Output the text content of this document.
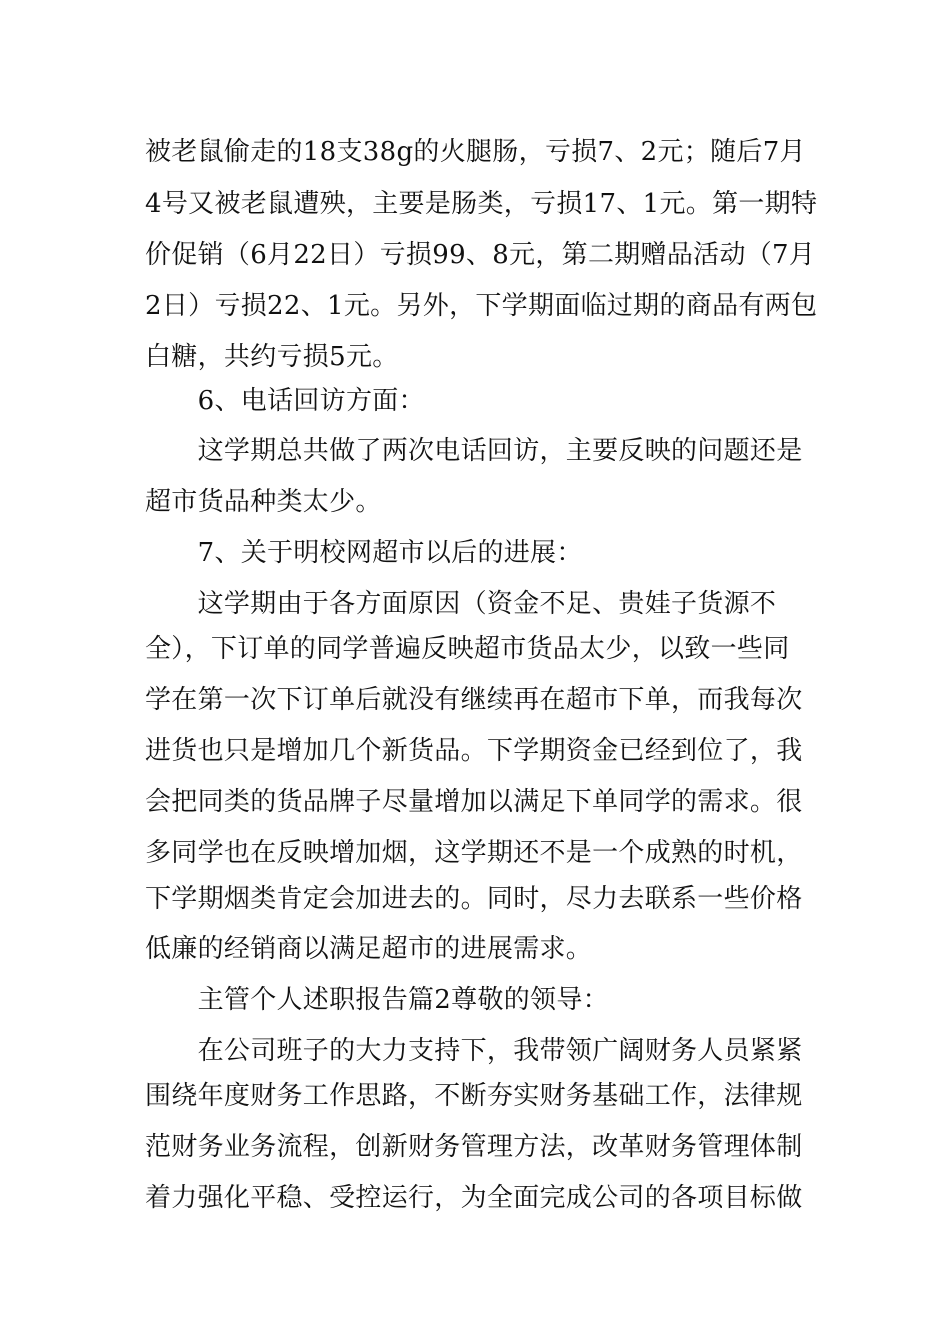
被老鼠偷走的18支38g的火腿肠，亏损7、2元；随后7月
4号又被老鼠遭殃，主要是肠类，亏损17、1元。第一期特
价促销（6月22日）亏损99、8元，第二期赠品活动（7月
2日）亏损22、1元。另外，下学期面临过期的商品有两包
白糖，共约亏损5元。
　　6、电话回访方面：
　　这学期总共做了两次电话回访，主要反映的问题还是
超市货品种类太少。
　　7、关于明校网超市以后的进展：
　　这学期由于各方面原因（资金不足、贵娃子货源不
全），下订单的同学普遍反映超市货品太少，以致一些同
学在第一次下订单后就没有继续再在超市下单，而我每次
进货也只是增加几个新货品。下学期资金已经到位了，我
会把同类的货品牌子尽量增加以满足下单同学的需求。很
多同学也在反映增加烟，这学期还不是一个成熟的时机，
下学期烟类肯定会加进去的。同时，尽力去联系一些价格
低廉的经销商以满足超市的进展需求。
　　主管个人述职报告篇2尊敬的领导：
　　在公司班子的大力支持下，我带领广阔财务人员紧紧
围绕年度财务工作思路，不断夯实财务基础工作，法律规
范财务业务流程，创新财务管理方法，改革财务管理体制
着力强化平稳、受控运行，为全面完成公司的各项目标做
